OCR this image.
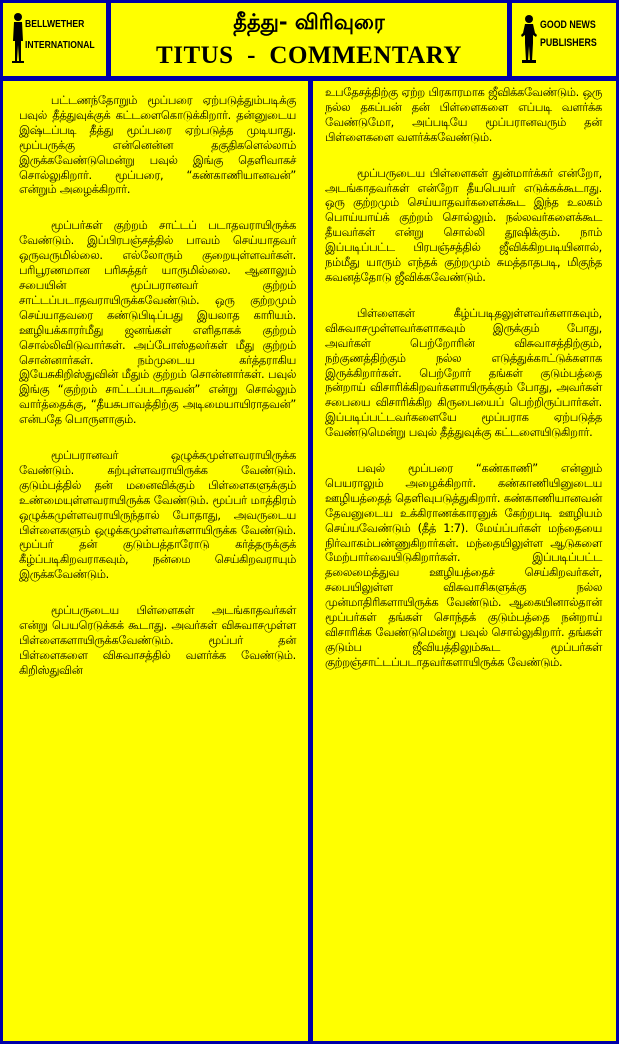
BELLWETHER
INTERNATIONAL
தீத்து- விரிவுரை
TITUS  -  COMMENTARY
GOOD NEWS
PUBLISHERS

பட்டணந்தோறும் மூப்பரை ஏற்படுத்தும்படிக்கு பவுல் தீத்துவுக்குக் கட்டளைகொடுக்கிறார். தன்னுடைய இஷ்டப்படி தீத்து மூப்பரை ஏற்படுத்த முடியாது. மூப்பருக்கு என்னென்ன தகுதிகளெல்லாம் இருக்கவேண்டுமென்று பவுல் இங்கு தெளிவாகச் சொல்லுகிறார். மூப்பரை, “கண்காணியானவன்” என்றும் அழைக்கிறார்.

மூப்பர்கள் குற்றம் சாட்டப் படாதவராயிருக்க வேண்டும். இப்பிரபஞ்சத்தில் பாவம் செய்யாதவர் ஒருவருமில்லை. எல்லோரும் குறையுள்ளவர்கள். பரிபூரணமான பரிசுத்தர் யாருமில்லை. ஆனாலும் சபையின் மூப்பரானவர் குற்றம் சாட்டப்படாதவராயிருக்கவேண்டும். ஒரு குற்றமும் செய்யாதவரை கண்டுபிடிப்பது இயலாத காரியம். ஊழியக்காரர்மீது ஜனங்கள் எளிதாகக் குற்றம் சொல்லிவிடுவார்கள். அப்போஸ்தலர்கள் மீது குற்றம் சொன்னார்கள். நம்முடைய கர்த்தராகிய இயேசுகிறிஸ்துவின் மீதும் குற்றம் சொன்னார்கள். பவுல் இங்கு “குற்றம் சாட்டப்படாதவன்” என்று சொல்லும் வார்த்தைக்கு, “தீயசுபாவத்திற்கு அடிமையாயிராதவன்” என்பதே பொருளாகும்.

மூப்பரானவர் ஒழுக்கமுள்ளவராயிருக்க வேண்டும். கற்புள்ளவராயிருக்க வேண்டும். குடும்பத்தில் தன் மனைவிக்கும் பிள்ளைகளுக்கும் உண்மையுள்ளவராயிருக்க வேண்டும். மூப்பர் மாத்திரம் ஒழுக்கமுள்ளவராயிருந்தால் போதாது, அவருடைய பிள்ளைகளும் ஒழுக்கமுள்ளவர்களாயிருக்க வேண்டும். மூப்பர் தன் குடும்பத்தாரோடு கர்த்தருக்குக் கீழ்ப்படிகிறவராகவும், நன்மை செய்கிறவராயும் இருக்கவேண்டும்.

மூப்பருடைய பிள்ளைகள் அடங்காதவர்கள் என்று பெயரெடுக்கக் கூடாது. அவர்கள் விசுவாசமுள்ள பிள்ளைகளாயிருக்கவேண்டும். மூப்பர் தன் பிள்ளைகளை விசுவாசத்தில் வளர்க்க வேண்டும். கிறிஸ்துவின்

உபதேசத்திற்கு ஏற்ற பிரகாரமாக ஜீவிக்கவேண்டும். ஒரு நல்ல தகப்பன் தன் பிள்ளைகளை எப்படி வளர்க்க வேண்டுமோ, அப்படியே மூப்பரானவரும் தன் பிள்ளைகளை வளர்க்கவேண்டும்.

மூப்பருடைய பிள்ளைகள் துன்மார்க்கர் என்றோ, அடங்காதவர்கள் என்றோ தீயபெயர் எடுக்கக்கூடாது. ஒரு குற்றமும் செய்யாதவர்களைக்கூட இந்த உலகம் பொய்யாய்க் குற்றம் சொல்லும். நல்லவர்களைக்கூட தீயவர்கள் என்று சொல்லி தூஷிக்கும். நாம் இப்படிப்பட்ட பிரபஞ்சத்தில் ஜீவிக்கிறபடியினால், நம்மீது யாரும் எந்தக் குற்றமும் சுமத்தாதபடி, மிகுந்த கவனத்தோடு ஜீவிக்கவேண்டும்.

பிள்ளைகள் கீழ்ப்படிதலுள்ளவர்களாகவும், விசுவாசமுள்ளவர்களாகவும் இருக்கும் போது, அவர்கள் பெற்றோரின் விசுவாசத்திற்கும், நற்குணத்திற்கும் நல்ல எடுத்துக்காட்டுக்களாக இருக்கிறார்கள். பெற்றோர் தங்கள் குடும்பத்தை நன்றாய் விசாரிக்கிறவர்களாயிருக்கும் போது, அவர்கள் சபையை விசாரிக்கிற கிருபையைப் பெற்றிருப்பார்கள். இப்படிப்பட்டவர்களையே மூப்பராக ஏற்படுத்த வேண்டுமென்று பவுல் தீத்துவுக்கு கட்டளையிடுகிறார்.

பவுல் மூப்பரை “கண்காணி” என்னும் பெயராலும் அழைக்கிறார். கண்காணியினுடைய ஊழியத்தைத் தெளிவுபடுத்துகிறார். கண்காணியானவன் தேவனுடைய உக்கிராணக்காரனுக் கேற்றபடி ஊழியம் செய்யவேண்டும் (தீத் 1:7). மேய்ப்பர்கள் மந்தையை நிர்வாகம்பண்ணுகிறார்கள். மந்தையிலுள்ள ஆடுகளை மேற்பார்வையிடுகிறார்கள். இப்படிப்பட்ட தலைமைத்துவ ஊழியத்தைச் செய்கிறவர்கள், சபையிலுள்ள விசுவாசிகளுக்கு நல்ல முன்மாதிரிகளாயிருக்க வேண்டும். ஆகையினால்தான் மூப்பர்கள் தங்கள் சொந்தக் குடும்பத்தை நன்றாய் விசாரிக்க வேண்டுமென்று பவுல் சொல்லுகிறார். தங்கள் குடும்ப ஜீவியத்திலும்கூட மூப்பர்கள் குற்றஞ்சாட்டப்படாதவர்களாயிருக்க வேண்டும்.
